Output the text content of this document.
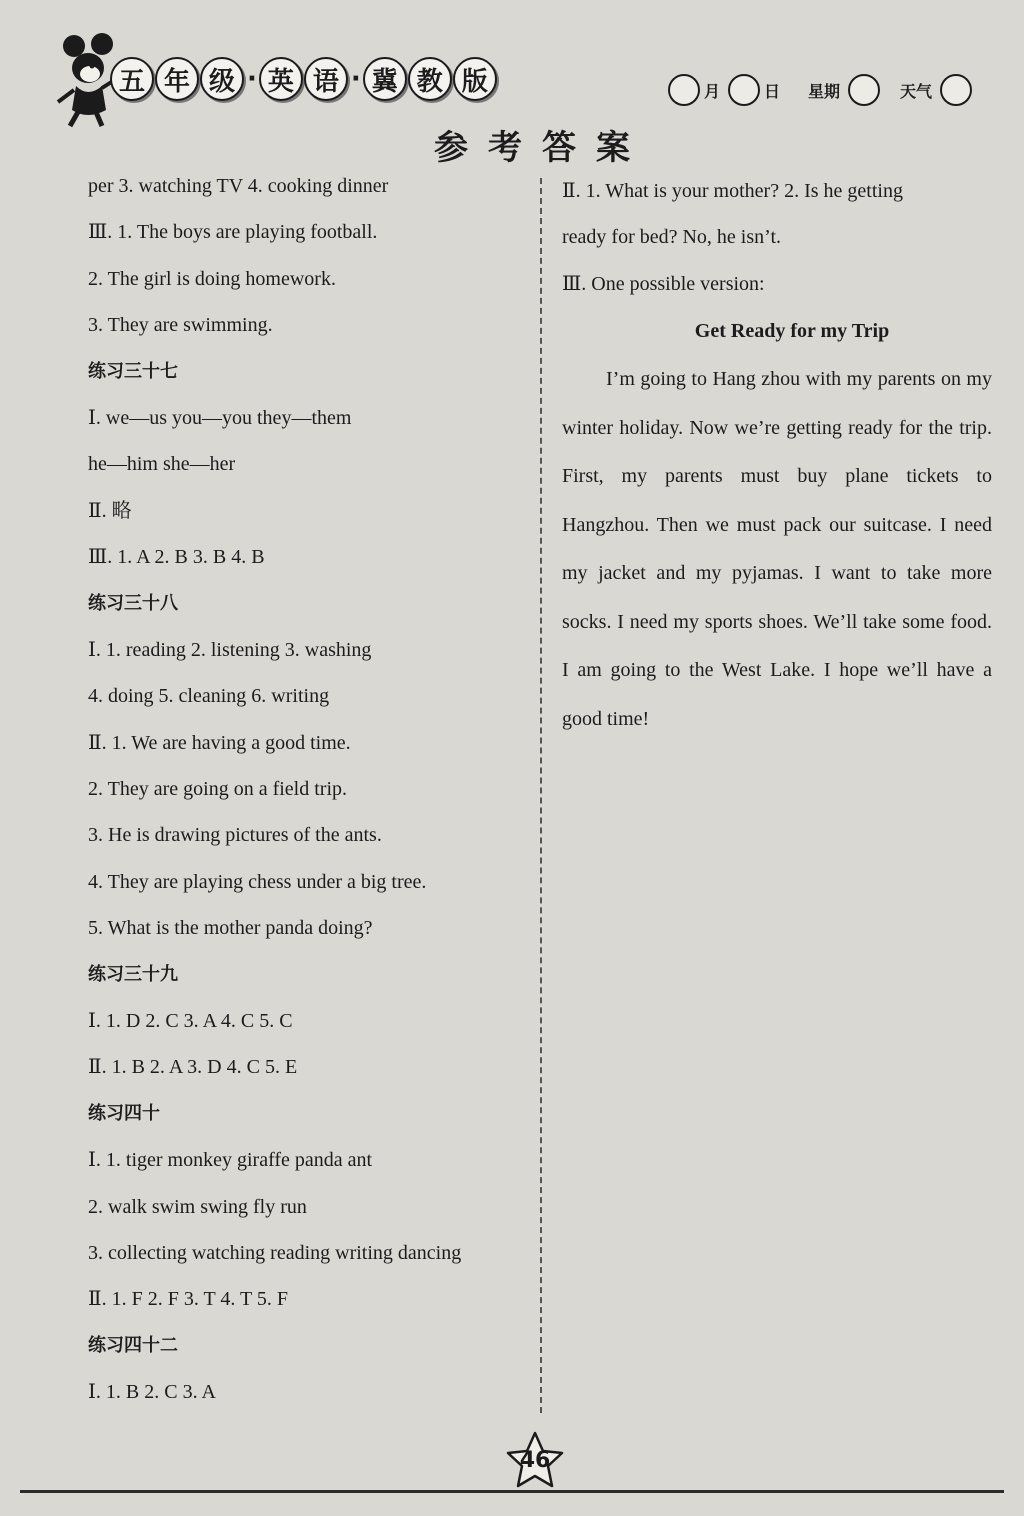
五 年 级 · 英 语 · 冀 教 版	月	日 星期	天气
参考答案
per 3. watching TV 4. cooking dinner
Ⅲ. 1. The boys are playing football.
2. The girl is doing homework.
3. They are swimming.
练习三十七
Ⅰ. we—us you—you they—them
he—him she—her
Ⅱ. 略
Ⅲ. 1. A 2. B 3. B 4. B
练习三十八
Ⅰ. 1. reading 2. listening 3. washing
4. doing 5. cleaning 6. writing
Ⅱ. 1. We are having a good time.
2. They are going on a field trip.
3. He is drawing pictures of the ants.
4. They are playing chess under a big tree.
5. What is the mother panda doing?
练习三十九
Ⅰ. 1. D 2. C 3. A 4. C 5. C
Ⅱ. 1. B 2. A 3. D 4. C 5. E
练习四十
Ⅰ. 1. tiger monkey giraffe panda ant
2. walk swim swing fly run
3. collecting watching reading writing dancing
Ⅱ. 1. F 2. F 3. T 4. T 5. F
练习四十二
Ⅰ. 1. B 2. C 3. A
Ⅱ. 1. What is your mother? 2. Is he getting
ready for bed? No, he isn’t.
Ⅲ. One possible version:
Get Ready for my Trip
I’m going to Hang zhou with my parents on my winter holiday. Now we’re getting ready for the trip. First, my parents must buy plane tickets to Hangzhou. Then we must pack our suitcase. I need my jacket and my pyjamas. I want to take more socks. I need my sports shoes. We’ll take some food. I am going to the West Lake. I hope we’ll have a good time!
46
